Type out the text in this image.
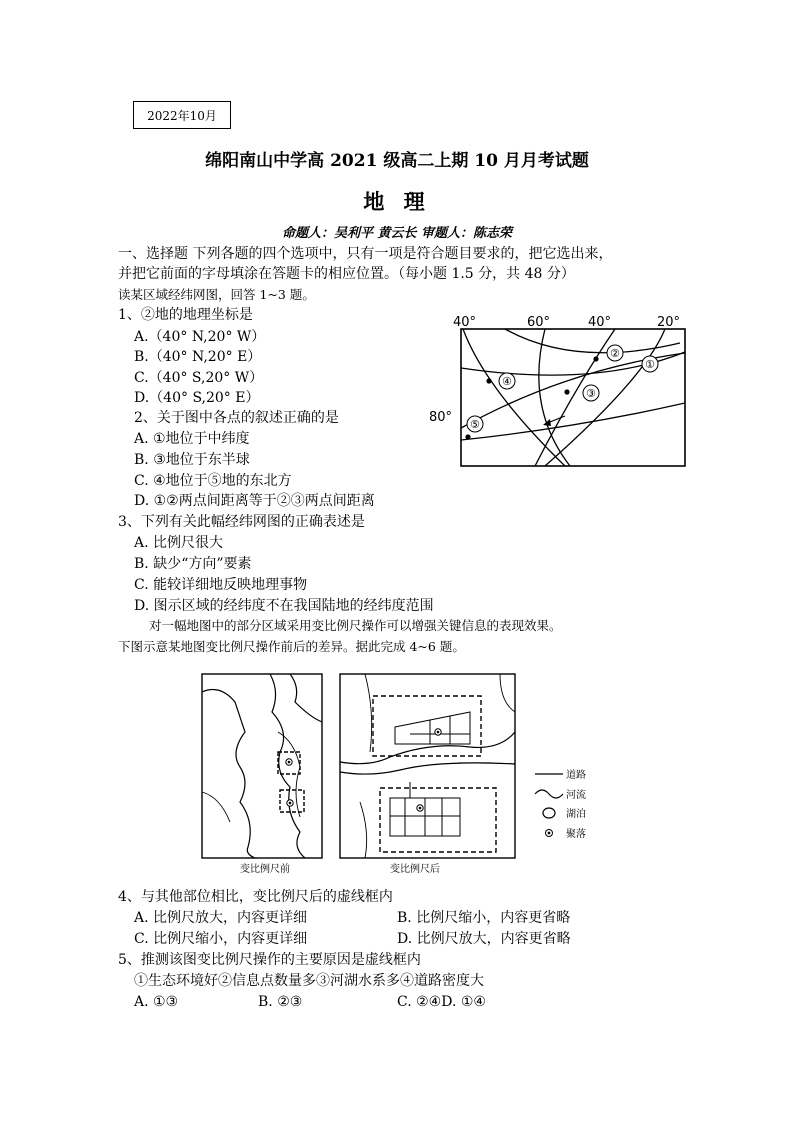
2022年10月
绵阳南山中学高 2021 级高二上期 10 月月考试题
地 理
命题人：吴利平 黄云长 审题人：陈志荣
一、选择题 下列各题的四个选项中，只有一项是符合题目要求的，把它选出来，
并把它前面的字母填涂在答题卡的相应位置。（每小题 1.5 分，共 48 分）
读某区域经纬网图，回答 1~3 题。
1、②地的地理坐标是
A.（40° N,20° W）
B.（40° N,20° E）
C.（40° S,20° W）
D.（40° S,20° E）
2、关于图中各点的叙述正确的是
A. ①地位于中纬度
B. ③地位于东半球
C. ④地位于⑤地的东北方
D. ①②两点间距离等于②③两点间距离
3、下列有关此幅经纬网图的正确表述是
A. 比例尺很大
B. 缺少“方向”要素
C. 能较详细地反映地理事物
D. 图示区域的经纬度不在我国陆地的经纬度范围
40°	60°	40°	20°
80°
②
①
③
④
⑤
对一幅地图中的部分区域采用变比例尺操作可以增强关键信息的表现效果。
下图示意某地图变比例尺操作前后的差异。据此完成 4~6 题。
变比例尺前	变比例尺后
道路
河流
湖泊
聚落
4、与其他部位相比，变比例尺后的虚线框内
A. 比例尺放大，内容更详细	B. 比例尺缩小，内容更省略
C. 比例尺缩小，内容更详细	D. 比例尺放大，内容更省略
5、推测该图变比例尺操作的主要原因是虚线框内
①生态环境好②信息点数量多③河湖水系多④道路密度大
A. ①③	B. ②③	C. ②④D. ①④
